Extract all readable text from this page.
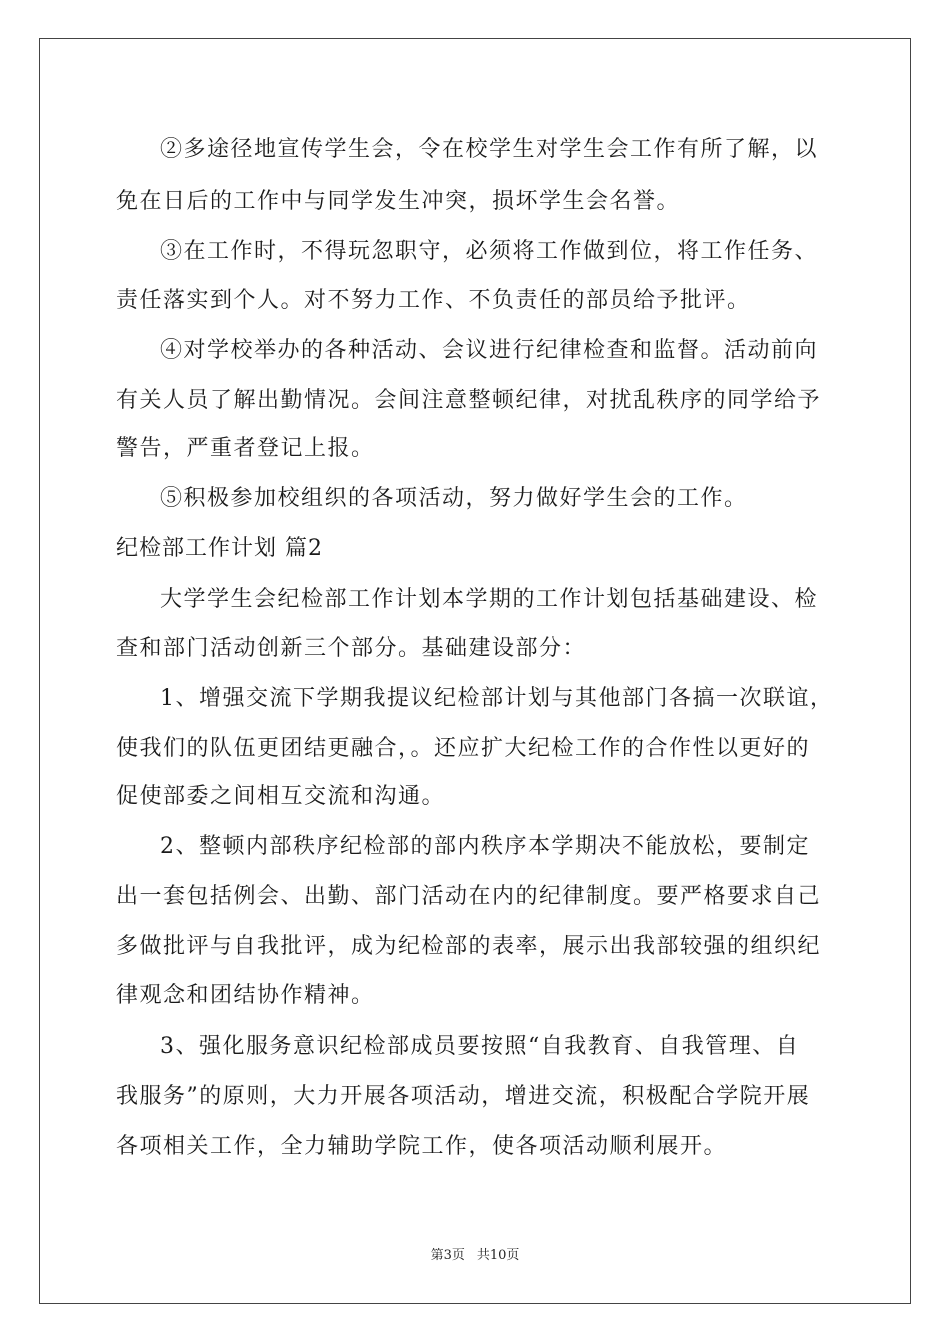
②多途径地宣传学生会，令在校学生对学生会工作有所了解，以
免在日后的工作中与同学发生冲突，损坏学生会名誉。
③在工作时，不得玩忽职守，必须将工作做到位，将工作任务、
责任落实到个人。对不努力工作、不负责任的部员给予批评。
④对学校举办的各种活动、会议进行纪律检查和监督。活动前向
有关人员了解出勤情况。会间注意整顿纪律，对扰乱秩序的同学给予
警告，严重者登记上报。
⑤积极参加校组织的各项活动，努力做好学生会的工作。
纪检部工作计划 篇2
大学学生会纪检部工作计划本学期的工作计划包括基础建设、检
查和部门活动创新三个部分。基础建设部分：
1、增强交流下学期我提议纪检部计划与其他部门各搞一次联谊，
使我们的队伍更团结更融合，。还应扩大纪检工作的合作性以更好的
促使部委之间相互交流和沟通。
2、整顿内部秩序纪检部的部内秩序本学期决不能放松，要制定
出一套包括例会、出勤、部门活动在内的纪律制度。要严格要求自己
多做批评与自我批评，成为纪检部的表率，展示出我部较强的组织纪
律观念和团结协作精神。
3、强化服务意识纪检部成员要按照“自我教育、自我管理、自
我服务”的原则，大力开展各项活动，增进交流，积极配合学院开展
各项相关工作，全力辅助学院工作，使各项活动顺利展开。
第3页 共10页
